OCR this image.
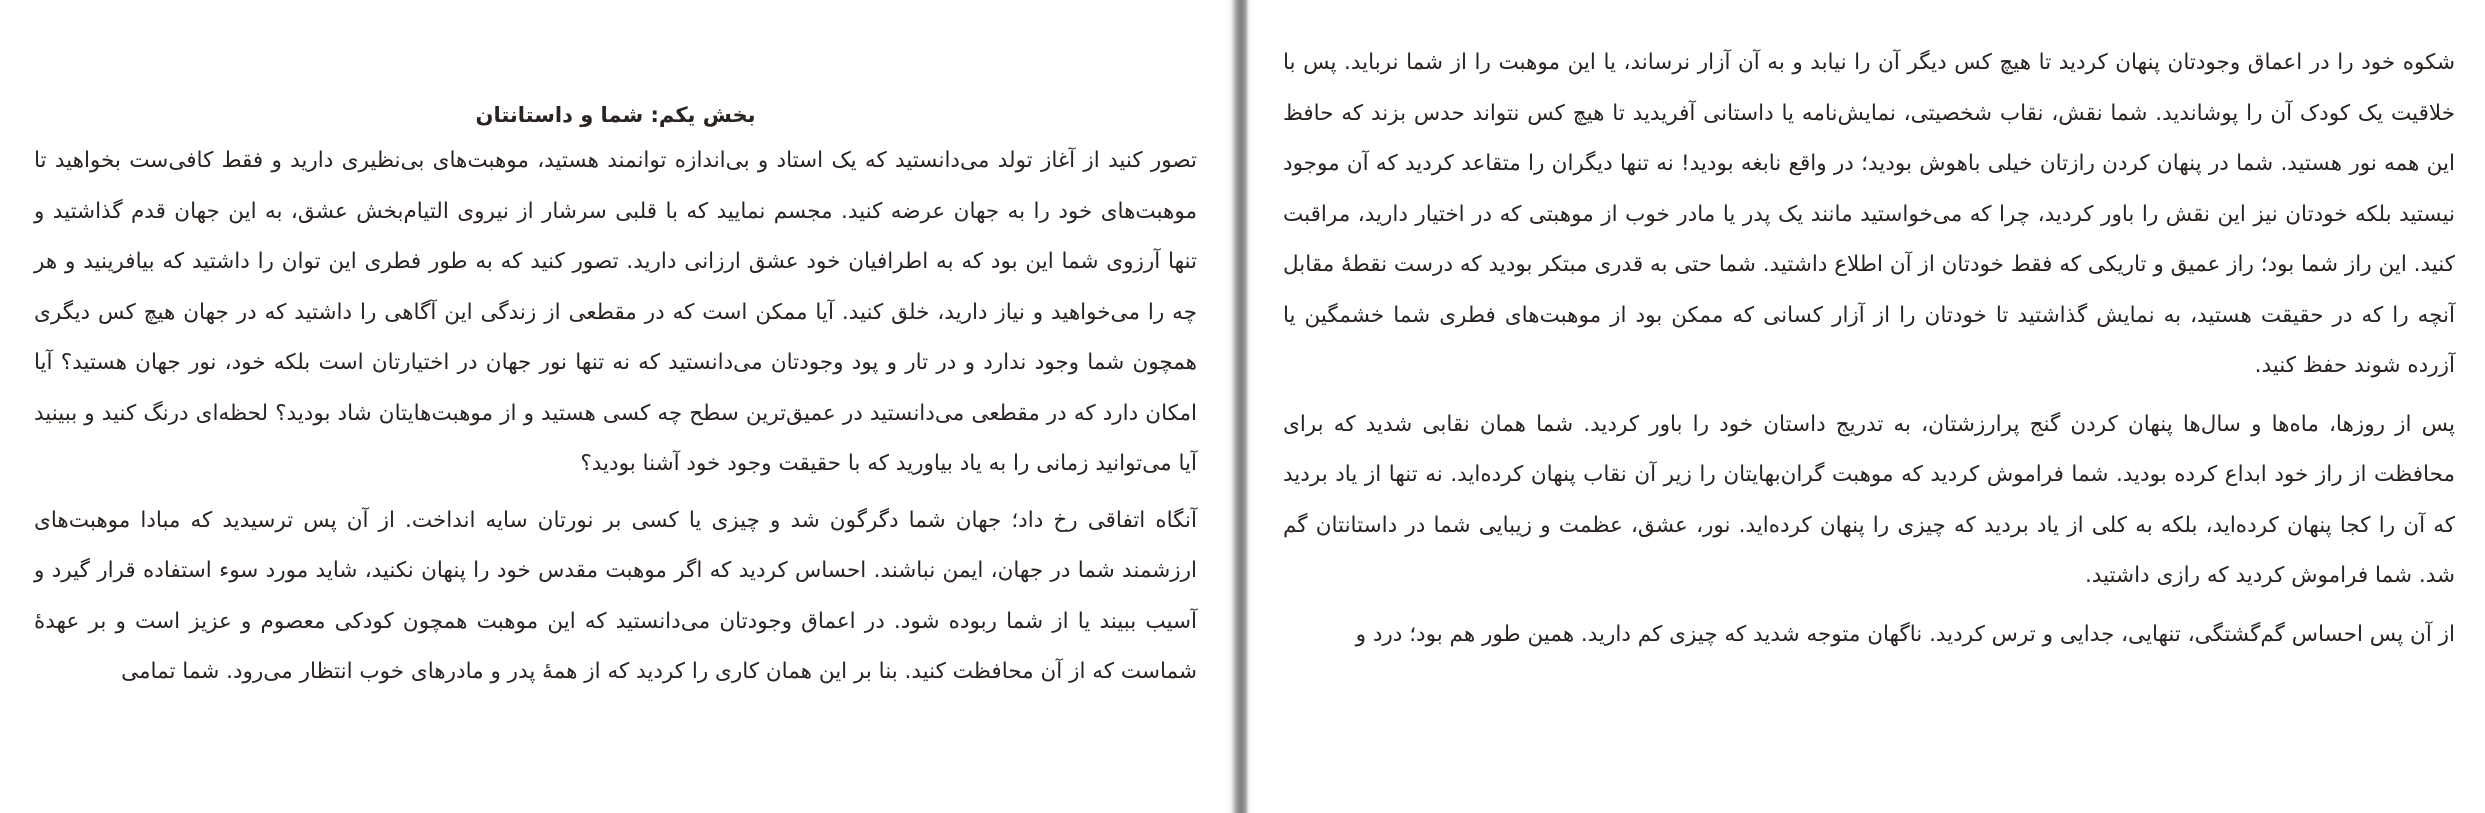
بخش یکم: شما و داستانتان

تصور کنید از آغاز تولد می‌دانستید که یک استاد و بی‌اندازه توانمند هستید، موهبت‌های بی‌نظیری دارید و فقط کافی‌ست بخواهید تا موهبت‌های خود را به جهان عرضه کنید. مجسم نمایید که با قلبی سرشار از نیروی التیام‌بخش عشق، به این جهان قدم گذاشتید و تنها آرزوی شما این بود که به اطرافیان خود عشق ارزانی دارید. تصور کنید که به طور فطری این توان را داشتید که بیافرینید و هر چه را می‌خواهید و نیاز دارید، خلق کنید. آیا ممکن است که در مقطعی از زندگی این آگاهی را داشتید که در جهان هیچ کس دیگری همچون شما وجود ندارد و در تار و پود وجودتان می‌دانستید که نه تنها نور جهان در اختیارتان است بلکه خود، نور جهان هستید؟ آیا امکان دارد که در مقطعی می‌دانستید در عمیق‌ترین سطح چه کسی هستید و از موهبت‌هایتان شاد بودید؟ لحظه‌ای درنگ کنید و ببینید آیا می‌توانید زمانی را به یاد بیاورید که با حقیقت وجود خود آشنا بودید؟

آنگاه اتفاقی رخ داد؛ جهان شما دگرگون شد و چیزی یا کسی بر نورتان سایه انداخت. از آن پس ترسیدید که مبادا موهبت‌های ارزشمند شما در جهان، ایمن نباشند. احساس کردید که اگر موهبت مقدس خود را پنهان نکنید، شاید مورد سوء استفاده قرار گیرد و آسیب ببیند یا از شما ربوده شود. در اعماق وجودتان می‌دانستید که این موهبت همچون کودکی معصوم و عزیز است و بر عهدهٔ شماست که از آن محافظت کنید. بنا بر این همان کاری را کردید که از همهٔ پدر و مادرهای خوب انتظار می‌رود. شما تمامی

شکوه خود را در اعماق وجودتان پنهان کردید تا هیچ کس دیگر آن را نیابد و به آن آزار نرساند، یا این موهبت را از شما نرباید. پس با خلاقیت یک کودک آن را پوشاندید. شما نقش، نقاب شخصیتی، نمایش‌نامه یا داستانی آفریدید تا هیچ کس نتواند حدس بزند که حافظ این همه نور هستید. شما در پنهان کردن رازتان خیلی باهوش بودید؛ در واقع نابغه بودید! نه تنها دیگران را متقاعد کردید که آن موجود نیستید بلکه خودتان نیز این نقش را باور کردید، چرا که می‌خواستید مانند یک پدر یا مادر خوب از موهبتی که در اختیار دارید، مراقبت کنید. این راز شما بود؛ راز عمیق و تاریکی که فقط خودتان از آن اطلاع داشتید. شما حتی به قدری مبتکر بودید که درست نقطهٔ مقابل آنچه را که در حقیقت هستید، به نمایش گذاشتید تا خودتان را از آزار کسانی که ممکن بود از موهبت‌های فطری شما خشمگین یا آزرده شوند حفظ کنید.

پس از روزها، ماه‌ها و سال‌ها پنهان کردن گنج پرارزشتان، به تدریج داستان خود را باور کردید. شما همان نقابی شدید که برای محافظت از راز خود ابداع کرده بودید. شما فراموش کردید که موهبت گران‌بهایتان را زیر آن نقاب پنهان کرده‌اید. نه تنها از یاد بردید که آن را کجا پنهان کرده‌اید، بلکه به کلی از یاد بردید که چیزی را پنهان کرده‌اید. نور، عشق، عظمت و زیبایی شما در داستانتان گم شد. شما فراموش کردید که رازی داشتید.

از آن پس احساس گم‌گشتگی، تنهایی، جدایی و ترس کردید. ناگهان متوجه شدید که چیزی کم دارید. همین طور هم بود؛ درد و
